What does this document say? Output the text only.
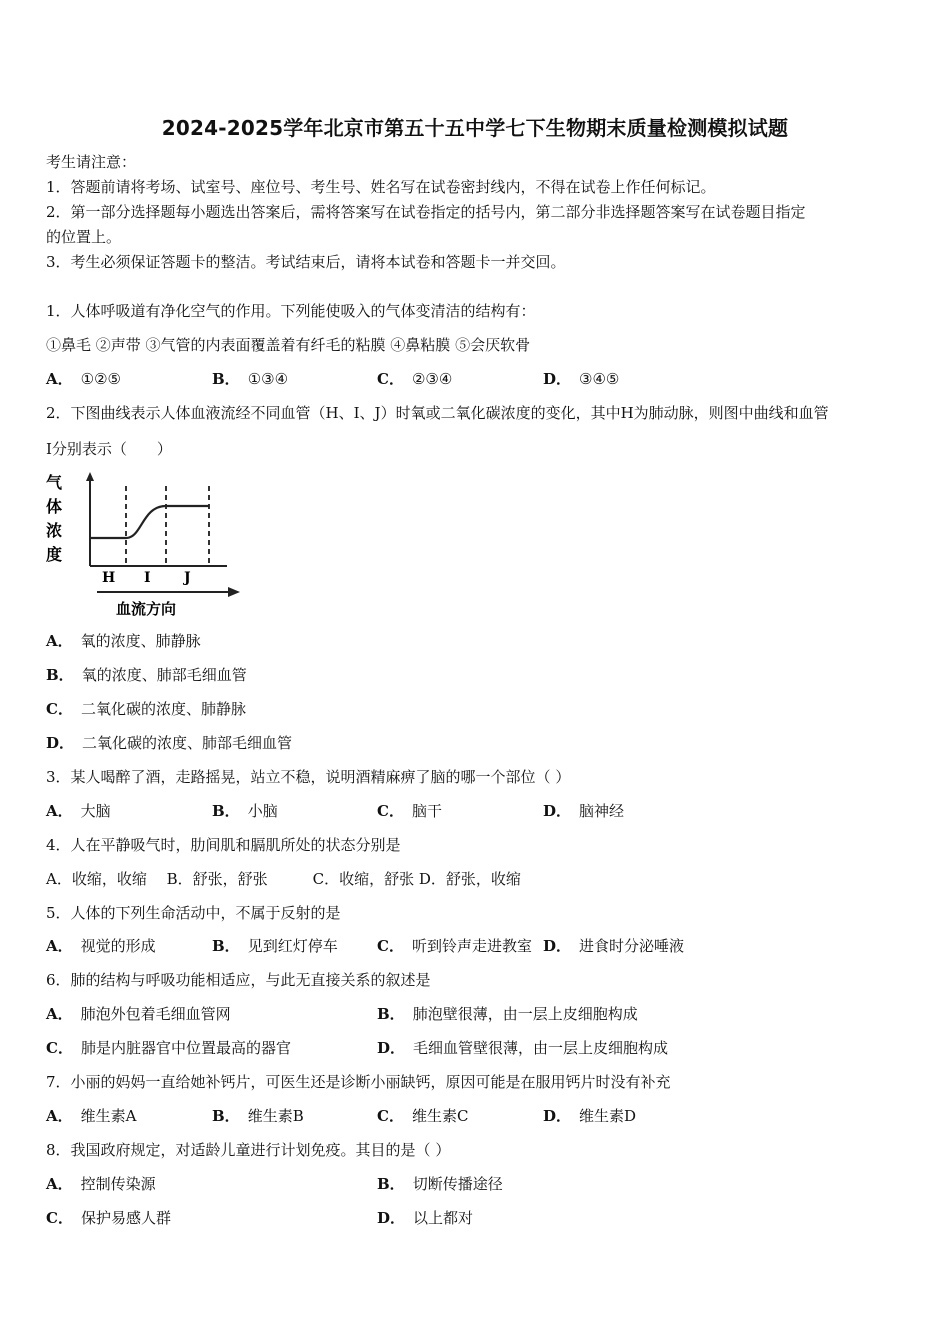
2024-2025学年北京市第五十五中学七下生物期末质量检测模拟试题
考生请注意：
1．答题前请将考场、试室号、座位号、考生号、姓名写在试卷密封线内，不得在试卷上作任何标记。
2．第一部分选择题每小题选出答案后，需将答案写在试卷指定的括号内，第二部分非选择题答案写在试卷题目指定
的位置上。
3．考生必须保证答题卡的整洁。考试结束后，请将本试卷和答题卡一并交回。
1．人体呼吸道有净化空气的作用。下列能使吸入的气体变清洁的结构有：
①鼻毛 ②声带 ③气管的内表面覆盖着有纤毛的粘膜 ④鼻粘膜 ⑤会厌软骨
A． ①②⑤	B． ①③④	C． ②③④	D． ③④⑤
2．下图曲线表示人体血液流经不同血管（H、I、J）时氧或二氧化碳浓度的变化，其中H为肺动脉，则图中曲线和血管
I分别表示（　　）
气
体
浓
度
H I J
血流方向
A． 氧的浓度、肺静脉
B． 氧的浓度、肺部毛细血管
C． 二氧化碳的浓度、肺静脉
D． 二氧化碳的浓度、肺部毛细血管
3．某人喝醉了酒，走路摇晃，站立不稳，说明酒精麻痹了脑的哪一个部位（ ）
A． 大脑	B． 小脑	C． 脑干	D． 脑神经
4．人在平静吸气时，肋间肌和膈肌所处的状态分别是
A．收缩，收缩　 B．舒张，舒张　　　C．收缩，舒张 D．舒张，收缩
5．人体的下列生命活动中，不属于反射的是
A． 视觉的形成	B． 见到红灯停车	C． 听到铃声走进教室 D． 进食时分泌唾液
6．肺的结构与呼吸功能相适应，与此无直接关系的叙述是
A． 肺泡外包着毛细血管网	B． 肺泡壁很薄，由一层上皮细胞构成
C． 肺是内脏器官中位置最高的器官	D． 毛细血管壁很薄，由一层上皮细胞构成
7．小丽的妈妈一直给她补钙片，可医生还是诊断小丽缺钙，原因可能是在服用钙片时没有补充
A． 维生素A	B． 维生素B	C． 维生素C	D． 维生素D
8．我国政府规定，对适龄儿童进行计划免疫。其目的是（ ）
A． 控制传染源	B． 切断传播途径
C． 保护易感人群	D． 以上都对
